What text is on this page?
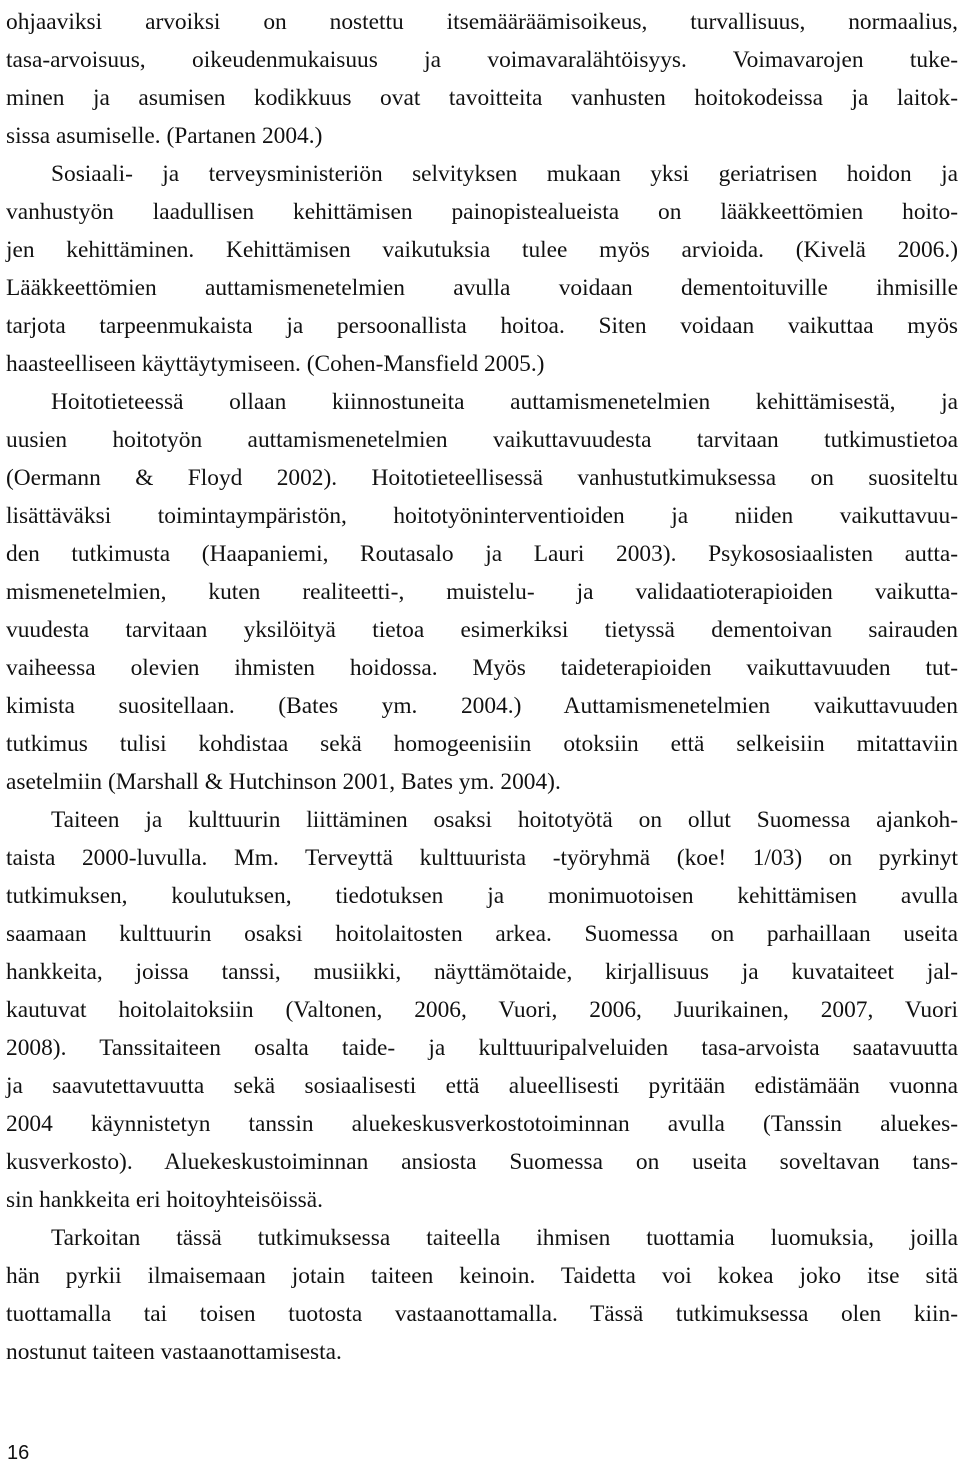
ohjaaviksi arvoiksi on nostettu itsemääräämisoikeus, turvallisuus, normaalius,
tasa-arvoisuus, oikeudenmukaisuus ja voimavaralähtöisyys. Voimavarojen tuke-
minen ja asumisen kodikkuus ovat tavoitteita vanhusten hoitokodeissa ja laitok-
sissa asumiselle. (Partanen 2004.)
Sosiaali- ja terveysministeriön selvityksen mukaan yksi geriatrisen hoidon ja
vanhustyön laadullisen kehittämisen painopistealueista on lääkkeettömien hoito-
jen kehittäminen. Kehittämisen vaikutuksia tulee myös arvioida. (Kivelä 2006.)
Lääkkeettömien auttamismenetelmien avulla voidaan dementoituville ihmisille
tarjota tarpeenmukaista ja persoonallista hoitoa. Siten voidaan vaikuttaa myös
haasteelliseen käyttäytymiseen. (Cohen-Mansfield 2005.)
Hoitotieteessä ollaan kiinnostuneita auttamismenetelmien kehittämisestä, ja
uusien hoitotyön auttamismenetelmien vaikuttavuudesta tarvitaan tutkimustietoa
(Oermann & Floyd 2002). Hoitotieteellisessä vanhustutkimuksessa on suositeltu
lisättäväksi toimintaympäristön, hoitotyöninterventioiden ja niiden vaikuttavuu-
den tutkimusta (Haapaniemi, Routasalo ja Lauri 2003). Psykososiaalisten autta-
mismenetelmien, kuten realiteetti-, muistelu- ja validaatioterapioiden vaikutta-
vuudesta tarvitaan yksilöityä tietoa esimerkiksi tietyssä dementoivan sairauden
vaiheessa olevien ihmisten hoidossa. Myös taideterapioiden vaikuttavuuden tut-
kimista suositellaan. (Bates ym. 2004.) Auttamismenetelmien vaikuttavuuden
tutkimus tulisi kohdistaa sekä homogeenisiin otoksiin että selkeisiin mitattaviin
asetelmiin (Marshall & Hutchinson 2001, Bates ym. 2004).
Taiteen ja kulttuurin liittäminen osaksi hoitotyötä on ollut Suomessa ajankoh-
taista 2000-luvulla. Mm. Terveyttä kulttuurista -työryhmä (koe! 1/03) on pyrkinyt
tutkimuksen, koulutuksen, tiedotuksen ja monimuotoisen kehittämisen avulla
saamaan kulttuurin osaksi hoitolaitosten arkea. Suomessa on parhaillaan useita
hankkeita, joissa tanssi, musiikki, näyttämötaide, kirjallisuus ja kuvataiteet jal-
kautuvat hoitolaitoksiin (Valtonen, 2006, Vuori, 2006, Juurikainen, 2007, Vuori
2008). Tanssitaiteen osalta taide- ja kulttuuripalveluiden tasa-arvoista saatavuutta
ja saavutettavuutta sekä sosiaalisesti että alueellisesti pyritään edistämään vuonna
2004 käynnistetyn tanssin aluekeskusverkostotoiminnan avulla (Tanssin aluekes-
kusverkosto). Aluekeskustoiminnan ansiosta Suomessa on useita soveltavan tans-
sin hankkeita eri hoitoyhteisöissä.
Tarkoitan tässä tutkimuksessa taiteella ihmisen tuottamia luomuksia, joilla
hän pyrkii ilmaisemaan jotain taiteen keinoin. Taidetta voi kokea joko itse sitä
tuottamalla tai toisen tuotosta vastaanottamalla. Tässä tutkimuksessa olen kiin-
nostunut taiteen vastaanottamisesta.
16
